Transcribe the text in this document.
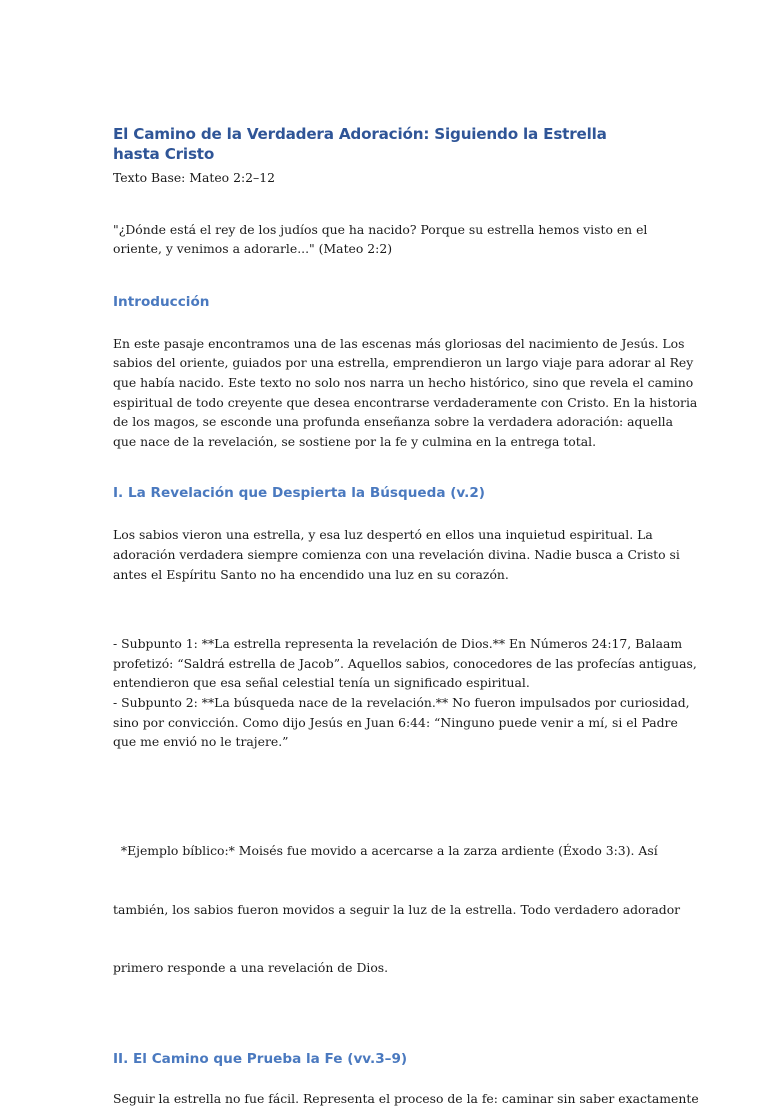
El Camino de la Verdadera Adoración: Siguiendo la Estrella hasta Cristo

Texto Base: Mateo 2:2–12

"¿Dónde está el rey de los judíos que ha nacido? Porque su estrella hemos visto en el
oriente, y venimos a adorarle..." (Mateo 2:2)
Introducción
En este pasaje encontramos una de las escenas más gloriosas del nacimiento de Jesús. Los
sabios del oriente, guiados por una estrella, emprendieron un largo viaje para adorar al Rey
que había nacido. Este texto no solo nos narra un hecho histórico, sino que revela el camino
espiritual de todo creyente que desea encontrarse verdaderamente con Cristo. En la historia
de los magos, se esconde una profunda enseñanza sobre la verdadera adoración: aquella
que nace de la revelación, se sostiene por la fe y culmina en la entrega total.
I. La Revelación que Despierta la Búsqueda (v.2)
Los sabios vieron una estrella, y esa luz despertó en ellos una inquietud espiritual. La
adoración verdadera siempre comienza con una revelación divina. Nadie busca a Cristo si
antes el Espíritu Santo no ha encendido una luz en su corazón.
- Subpunto 1: **La estrella representa la revelación de Dios.** En Números 24:17, Balaam
profetizó: “Saldrá estrella de Jacob”. Aquellos sabios, conocedores de las profecías antiguas,
entendieron que esa señal celestial tenía un significado espiritual.
- Subpunto 2: **La búsqueda nace de la revelación.** No fueron impulsados por curiosidad,
sino por convicción. Como dijo Jesús en Juan 6:44: “Ninguno puede venir a mí, si el Padre
que me envió no le trajere.”

*Ejemplo bíblico:* Moisés fue movido a acercarse a la zarza ardiente (Éxodo 3:3). Así

también, los sabios fueron movidos a seguir la luz de la estrella. Todo verdadero adorador

primero responde a una revelación de Dios.

II. El Camino que Prueba la Fe (vv.3–9)
Seguir la estrella no fue fácil. Representa el proceso de la fe: caminar sin saber exactamente
